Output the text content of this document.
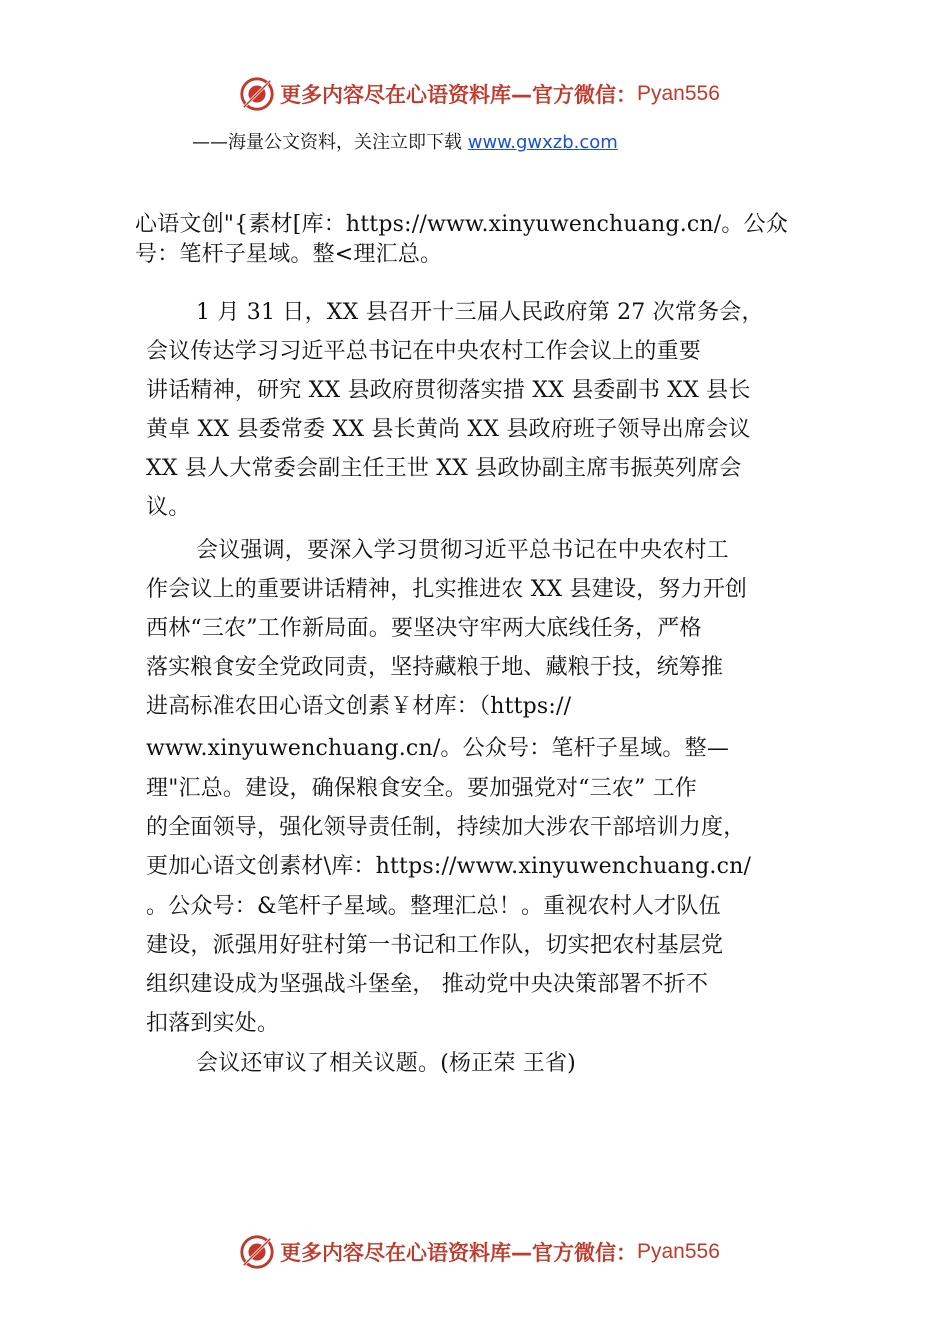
更多内容尽在心语资料库—官方微信： Pyan556
——海量公文资料，关注立即下载 www.gwxzb.com
心语文创"{素材[库：https://www.xinyuwenchuang.cn/。公众
号：笔杆子星域。整<理汇总。
1 月 31 日，XX 县召开十三届人民政府第 27 次常务会，
会议传达学习习近平总书记在中央农村工作会议上的重要
讲话精神，研究 XX 县政府贯彻落实措 XX 县委副书 XX 县长
黄卓 XX 县委常委 XX 县长黄尚 XX 县政府班子领导出席会议
XX 县人大常委会副主任王世 XX 县政协副主席韦振英列席会
议。
会议强调，要深入学习贯彻习近平总书记在中央农村工
作会议上的重要讲话精神，扎实推进农 XX 县建设，努力开创
西林“三农”工作新局面。要坚决守牢两大底线任务，严格
落实粮食安全党政同责，坚持藏粮于地、藏粮于技，统筹推
进高标准农田心语文创素￥材库：（https://
www.xinyuwenchuang.cn/。公众号：笔杆子星域。整—
理"汇总。建设，确保粮食安全。要加强党对“三农” 工作
的全面领导，强化领导责任制，持续加大涉农干部培训力度，
更加心语文创素材\库：https://www.xinyuwenchuang.cn/
。公众号：&笔杆子星域。整理汇总！。重视农村人才队伍
建设，派强用好驻村第一书记和工作队，切实把农村基层党
组织建设成为坚强战斗堡垒， 推动党中央决策部署不折不
扣落到实处。
会议还审议了相关议题。(杨正荣 王省)
更多内容尽在心语资料库—官方微信： Pyan556
